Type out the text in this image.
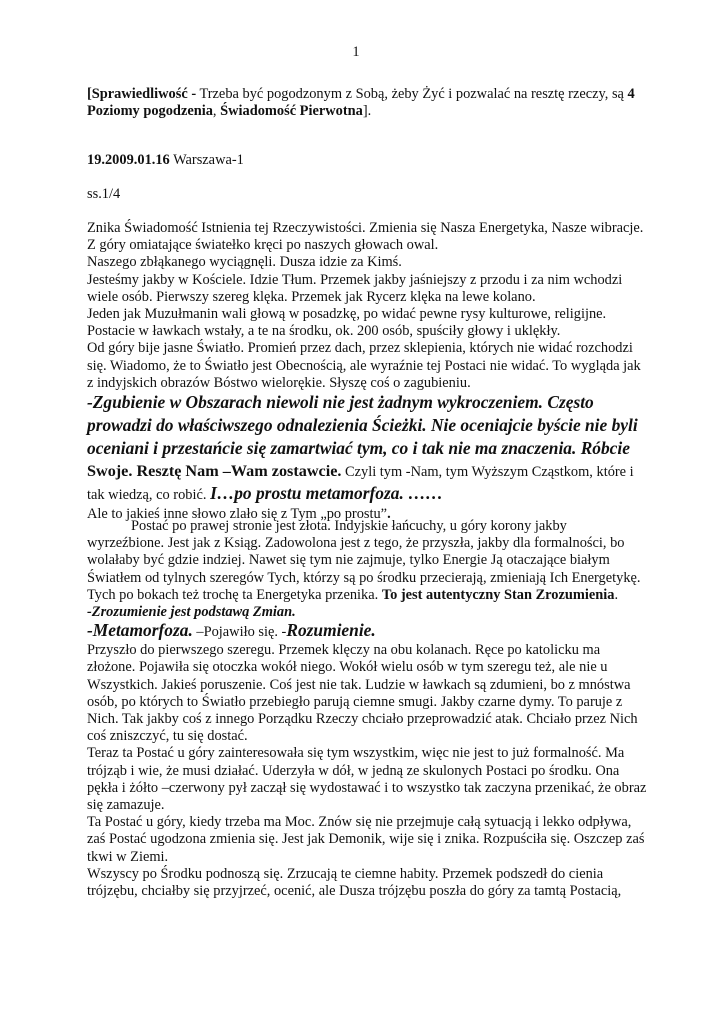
1

[Sprawiedliwość - Trzeba być pogodzonym z Sobą, żeby Żyć i pozwalać na resztę rzeczy, są 4 Poziomy pogodzenia, Świadomość Pierwotna].

19.2009.01.16 Warszawa-1

ss.1/4

Znika Świadomość Istnienia tej Rzeczywistości. Zmienia się Nasza Energetyka, Nasze wibracje. Z góry omiatające światełko kręci po naszych głowach owal.

Naszego zbłąkanego wyciągnęli. Dusza idzie za Kimś.

Jesteśmy jakby w Kościele. Idzie Tłum. Przemek jakby jaśniejszy z przodu i za nim wchodzi wiele osób. Pierwszy szereg klęka. Przemek jak Rycerz klęka na lewe kolano.

Jeden jak Muzułmanin wali głową w posadzkę, po widać pewne rysy kulturowe, religijne.

Postacie w ławkach wstały, a te na środku, ok. 200 osób, spuściły głowy i uklękły.

Od góry bije jasne Światło. Promień przez dach, przez sklepienia, których nie widać rozchodzi się. Wiadomo, że to Światło jest Obecnością, ale wyraźnie tej Postaci nie widać. To wygląda jak z indyjskich obrazów Bóstwo wielorękie. Słyszę coś o zagubieniu.

-Zgubienie w Obszarach niewoli nie jest żadnym wykroczeniem. Często prowadzi do właściwszego odnalezienia Ścieżki. Nie oceniajcie byście nie byli oceniani i przestańcie się zamartwiać tym, co i tak nie ma znaczenia. Róbcie Swoje. Resztę Nam –Wam zostawcie. Czyli tym -Nam, tym Wyższym Cząstkom, które i tak wiedzą, co robić. I…po prostu metamorfoza. ……

Ale to jakieś inne słowo zlało się z Tym „po prostu”.

Postać po prawej stronie jest złota. Indyjskie łańcuchy, u góry korony jakby wyrzeźbione. Jest jak z Ksiąg. Zadowolona jest z tego, że przyszła, jakby dla formalności, bo wolałaby być gdzie indziej. Nawet się tym nie zajmuje, tylko Energie Ją otaczające białym Światłem od tylnych szeregów Tych, którzy są po środku przecierają, zmieniają Ich Energetykę. Tych po bokach też trochę ta Energetyka przenika. To jest autentyczny Stan Zrozumienia.

-Zrozumienie jest podstawą Zmian.

-Metamorfoza. –Pojawiło się. -Rozumienie.

Przyszło do pierwszego szeregu. Przemek klęczy na obu kolanach. Ręce po katolicku ma złożone. Pojawiła się otoczka wokół niego. Wokół wielu osób w tym szeregu też, ale nie u Wszystkich. Jakieś poruszenie. Coś jest nie tak. Ludzie w ławkach są zdumieni, bo z mnóstwa osób, po których to Światło przebiegło parują ciemne smugi. Jakby czarne dymy. To paruje z Nich. Tak jakby coś z innego Porządku Rzeczy chciało przeprowadzić atak. Chciało przez Nich coś zniszczyć, tu się dostać.

Teraz ta Postać u góry zainteresowała się tym wszystkim, więc nie jest to już formalność. Ma trójząb i wie, że musi działać. Uderzyła w dół, w jedną ze skulonych Postaci po środku. Ona pękła i żółto –czerwony pył zaczął się wydostawać i to wszystko tak zaczyna przenikać, że obraz się zamazuje.

Ta Postać u góry, kiedy trzeba ma Moc. Znów się nie przejmuje całą sytuacją i lekko odpływa, zaś Postać ugodzona zmienia się. Jest jak Demonik, wije się i znika. Rozpuściła się. Oszczep zaś tkwi w Ziemi.

Wszyscy po Środku podnoszą się. Zrzucają te ciemne habity. Przemek podszedł do cienia trójzębu, chciałby się przyjrzeć, ocenić, ale Dusza trójzębu poszła do góry za tamtą Postacią,
